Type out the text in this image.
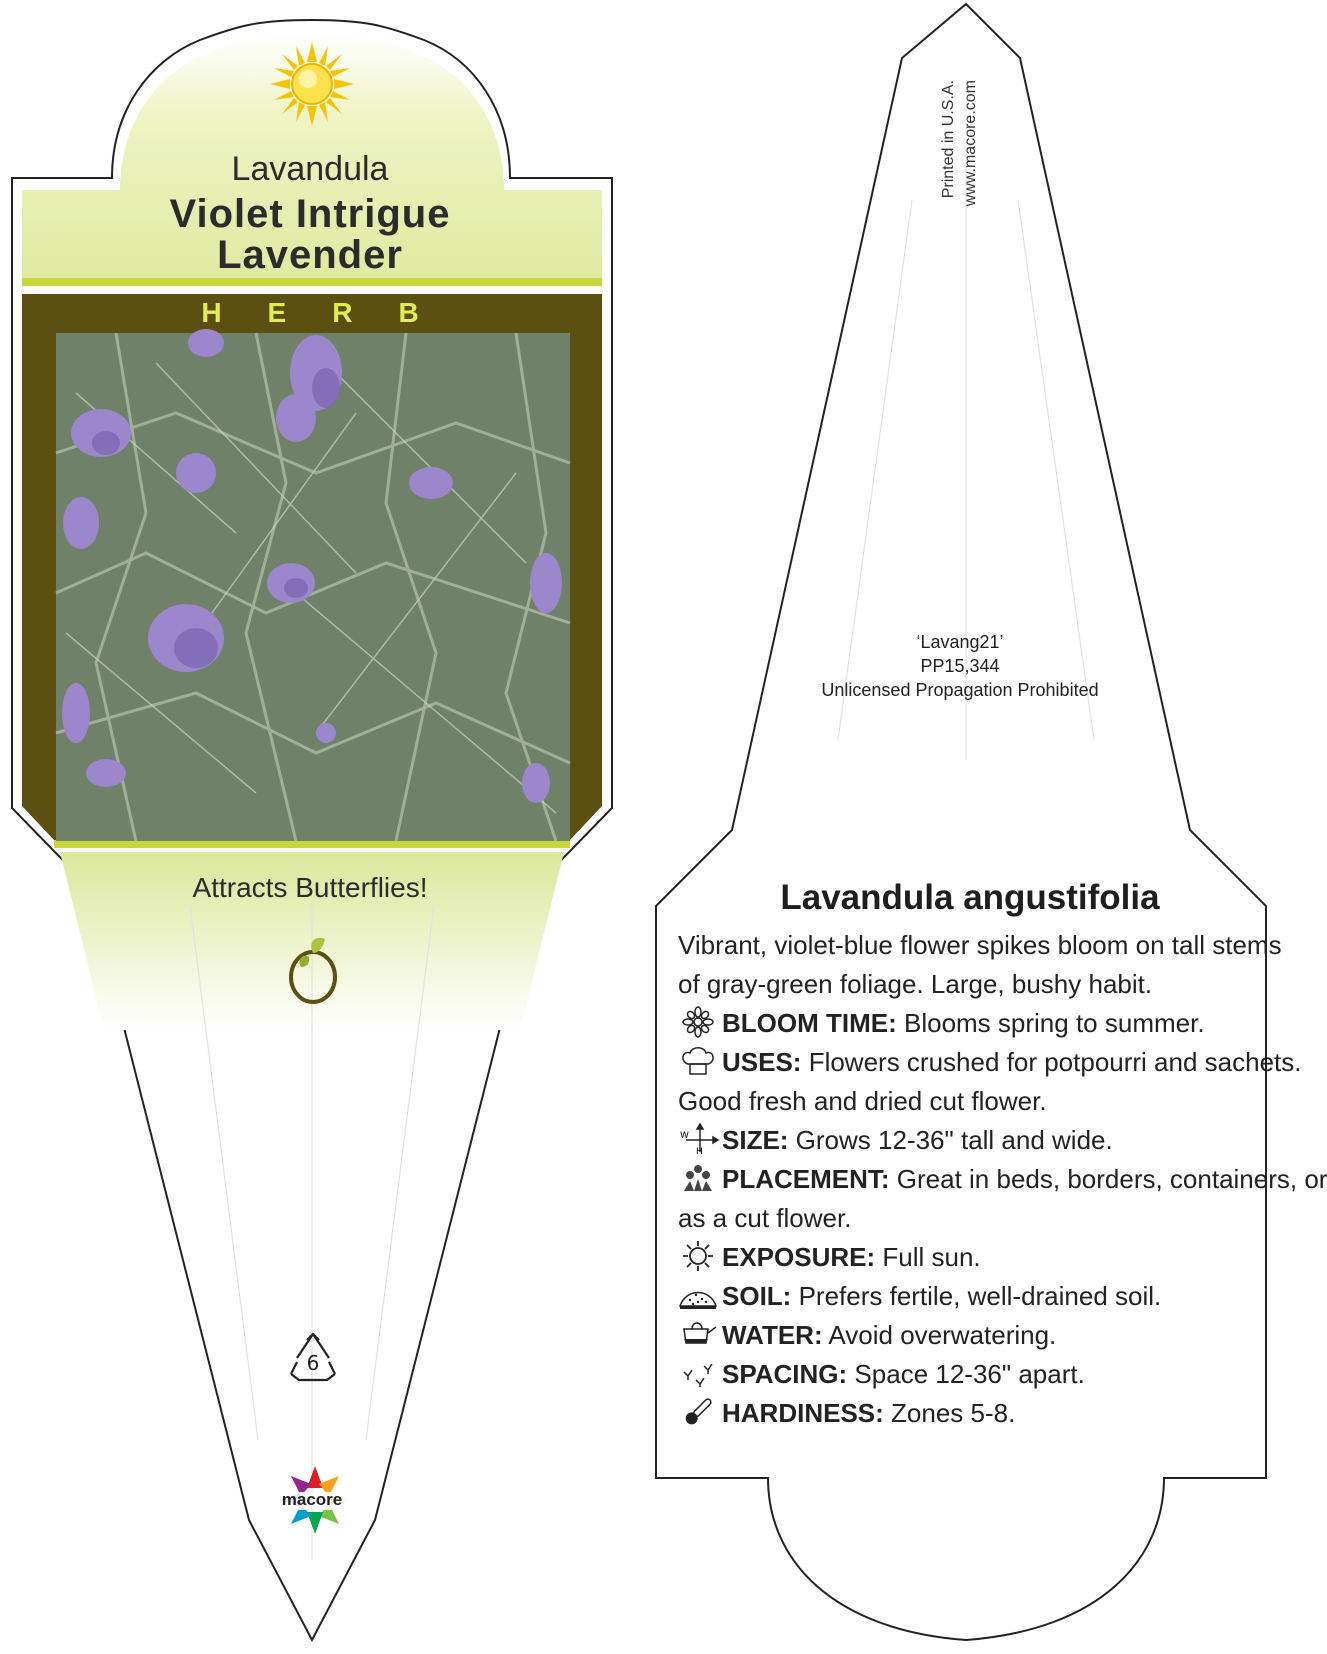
Lavandula
Violet Intrigue
Lavender
HERB
Attracts Butterflies!
6
macore
Printed in U.S.A. www.macore.com
‘Lavang21’
PP15,344
Unlicensed Propagation Prohibited
Lavandula angustifolia
Vibrant, violet-blue flower spikes bloom on tall stems
of gray-green foliage. Large, bushy habit.
BLOOM TIME: Blooms spring to summer.
USES: Flowers crushed for potpourri and sachets.
Good fresh and dried cut flower.
W
H SIZE: Grows 12-36" tall and wide.
PLACEMENT: Great in beds, borders, containers, or
as a cut flower.
EXPOSURE: Full sun.
SOIL: Prefers fertile, well-drained soil.
WATER: Avoid overwatering.
SPACING: Space 12-36" apart.
HARDINESS: Zones 5-8.
